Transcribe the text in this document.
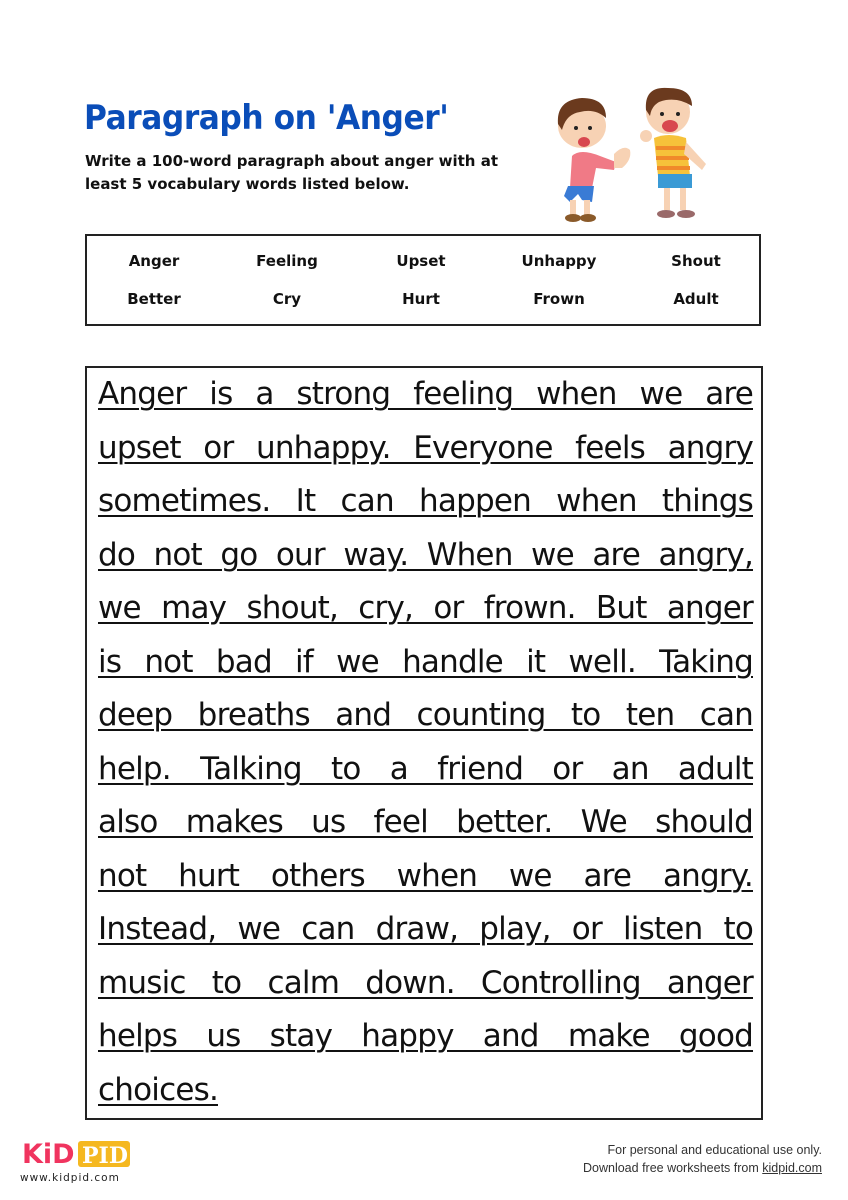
Paragraph on 'Anger'
Write a 100-word paragraph about anger with at least 5 vocabulary words listed below.
Anger	Feeling	Upset	Unhappy	Shout
Better	Cry	Hurt	Frown	Adult
Anger is a strong feeling when we are
upset or unhappy. Everyone feels angry
sometimes. It can happen when things
do not go our way. When we are angry,
we may shout, cry, or frown. But anger
is not bad if we handle it well. Taking
deep breaths and counting to ten can
help. Talking to a friend or an adult
also makes us feel better. We should
not hurt others when we are angry.
Instead, we can draw, play, or listen to
music to calm down. Controlling anger
helps us stay happy and make good
choices.
KiD PID
www.kidpid.com
For personal and educational use only.
Download free worksheets from kidpid.com
